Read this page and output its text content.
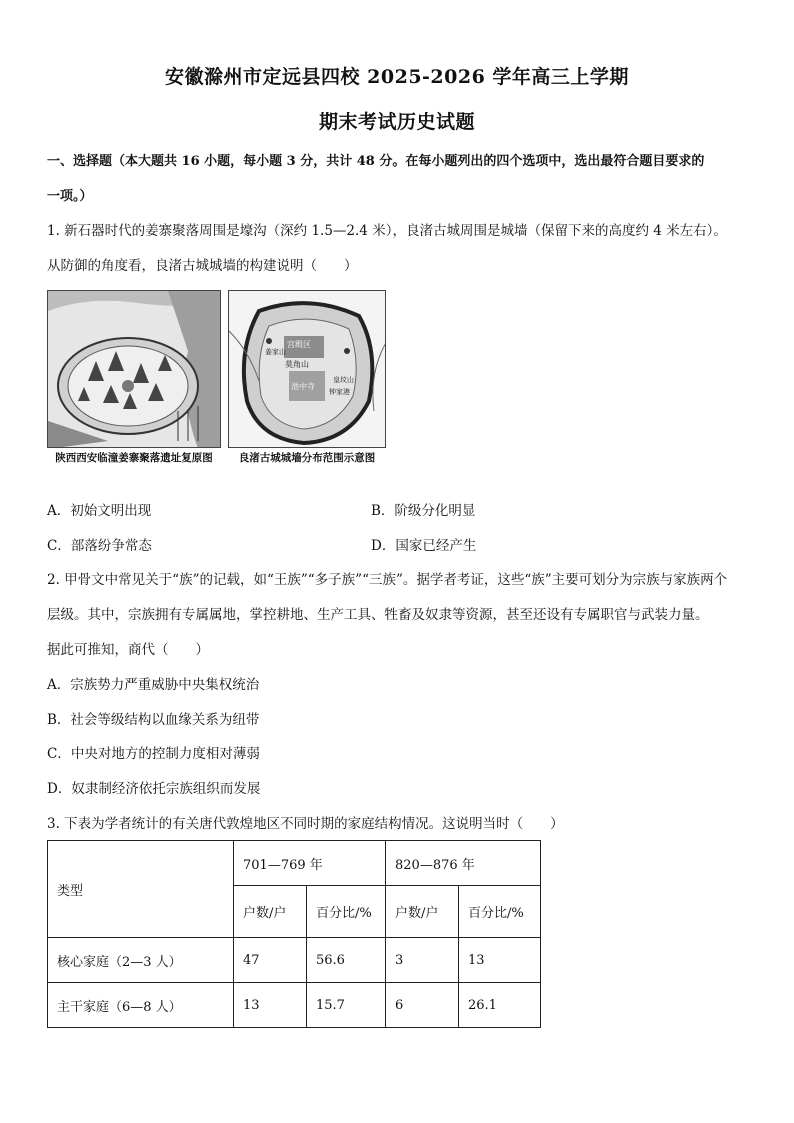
安徽滁州市定远县四校 2025-2026 学年高三上学期
期末考试历史试题
一、选择题（本大题共 16 小题，每小题 3 分，共计 48 分。在每小题列出的四个选项中，选出最符合题目要求的
一项。）
1. 新石器时代的姜寨聚落周围是壕沟（深约 1.5—2.4 米），良渚古城周围是城墙（保留下来的高度约 4 米左右）。
从防御的角度看，良渚古城城墙的构建说明（　　）
陕西西安临潼姜寨聚落遗址复原图
宫殿区
莫角山
池中寺
姜家山
皇坟山
钟家港
良渚古城城墙分布范围示意图
A．初始文明出现	B．阶级分化明显
C．部落纷争常态	D．国家已经产生
2. 甲骨文中常见关于“族”的记载，如“王族”“多子族”“三族”。据学者考证，这些“族”主要可划分为宗族与家族两个
层级。其中，宗族拥有专属属地，掌控耕地、生产工具、牲畜及奴隶等资源，甚至还设有专属职官与武装力量。
据此可推知，商代（　　）
A．宗族势力严重威胁中央集权统治
B．社会等级结构以血缘关系为纽带
C．中央对地方的控制力度相对薄弱
D．奴隶制经济依托宗族组织而发展
3. 下表为学者统计的有关唐代敦煌地区不同时期的家庭结构情况。这说明当时（　　）
类型	701—769 年		820—876 年	
	户数/户	百分比/%	户数/户	百分比/%
核心家庭（2—3 人）	47	56.6	3	13
主干家庭（6—8 人）	13	15.7	6	26.1
